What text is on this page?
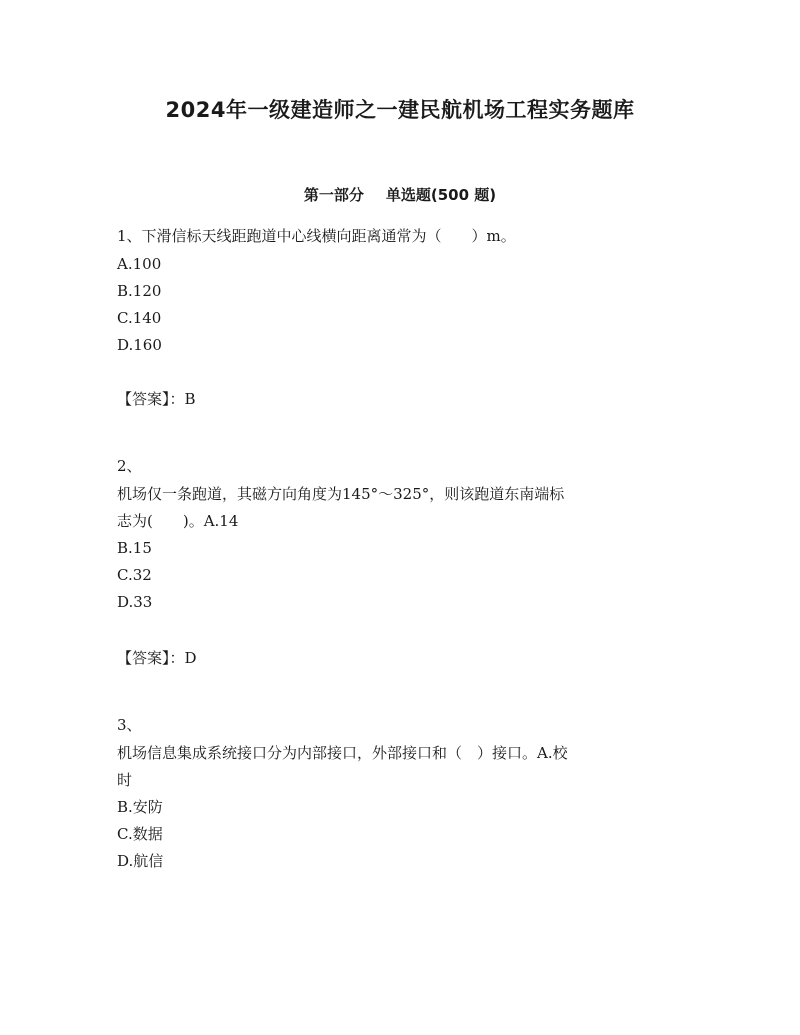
2024年一级建造师之一建民航机场工程实务题库
第一部分 单选题(500 题)
1、下滑信标天线距跑道中心线横向距离通常为（　　）m。
A.100
B.120
C.140
D.160
【答案】：B
2、
机场仅一条跑道，其磁方向角度为145°～325°，则该跑道东南端标
志为(　　)。A.14
B.15
C.32
D.33
【答案】：D
3、
机场信息集成系统接口分为内部接口，外部接口和（　）接口。A.校
时
B.安防
C.数据
D.航信
